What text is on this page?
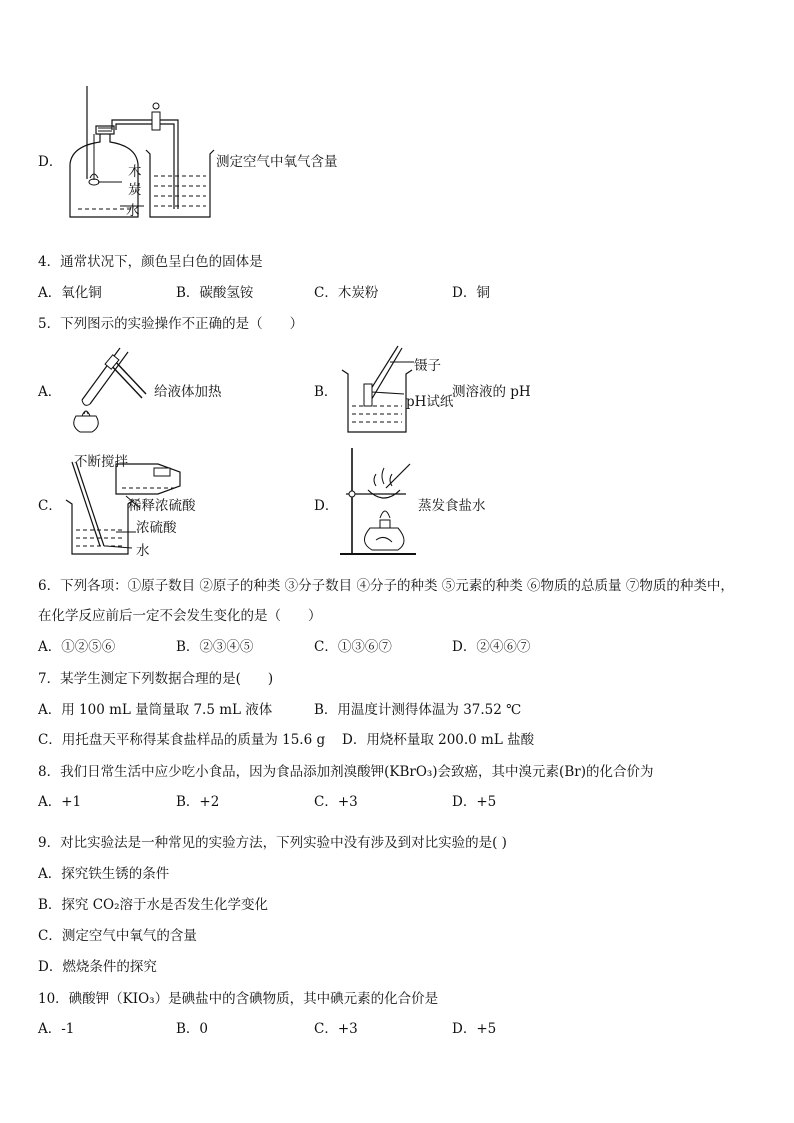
D．
木
炭
水
测定空气中氧气含量
4．通常状况下，颜色呈白色的固体是
A．氧化铜	B．碳酸氢铵	C．木炭粉	D．铜
5．下列图示的实验操作不正确的是（　　）
A．	给液体加热	B．
镊子
pH试纸
测溶液的 pH
C．
不断搅拌
稀释浓硫酸
浓硫酸
水
D．	蒸发食盐水
6．下列各项：①原子数目 ②原子的种类 ③分子数目 ④分子的种类 ⑤元素的种类 ⑥物质的总质量 ⑦物质的种类中，
在化学反应前后一定不会发生变化的是（　　）
A．①②⑤⑥	B．②③④⑤	C．①③⑥⑦	D．②④⑥⑦
7．某学生测定下列数据合理的是(　　)
A．用 100 mL 量筒量取 7.5 mL 液体	B．用温度计测得体温为 37.52 ℃
C．用托盘天平称得某食盐样品的质量为 15.6 g D．用烧杯量取 200.0 mL 盐酸
8．我们日常生活中应少吃小食品，因为食品添加剂溴酸钾(KBrO₃)会致癌，其中溴元素(Br)的化合价为
A．+1	B．+2	C．+3	D．+5
9．对比实验法是一种常见的实验方法，下列实验中没有涉及到对比实验的是( )
A．探究铁生锈的条件
B．探究 CO₂溶于水是否发生化学变化
C．测定空气中氧气的含量
D．燃烧条件的探究
10．碘酸钾（KIO₃）是碘盐中的含碘物质，其中碘元素的化合价是
A．-1	B．0	C．+3	D．+5
